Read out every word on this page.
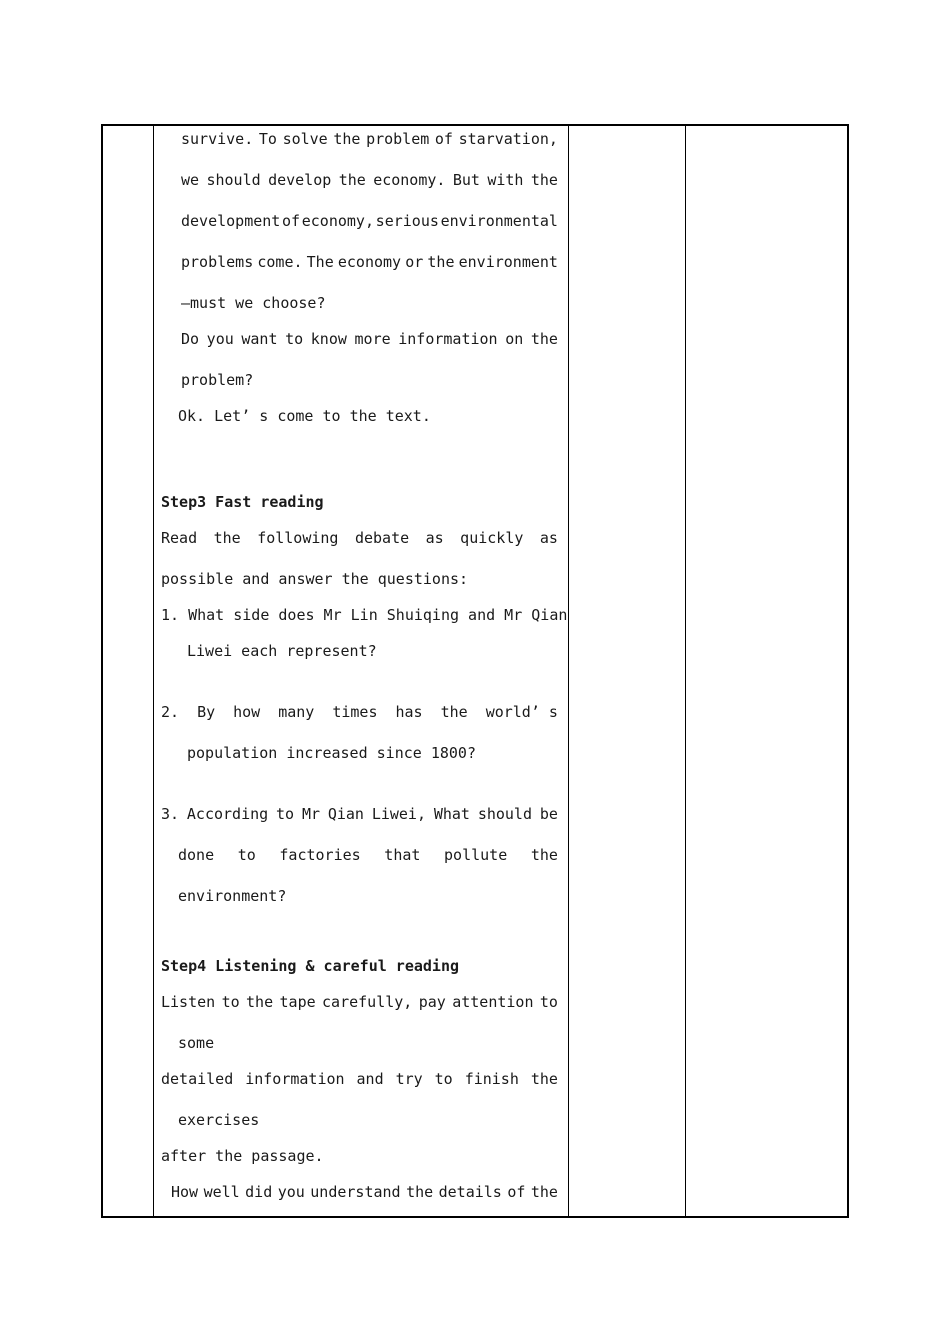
survive. To solve the problem of starvation,
we should develop the economy. But with the
development of economy, serious environmental
problems come. The economy or the environment
—must we choose?
Do you want to know more information on the
problem?
Ok. Let’ s come to the text.
Step3 Fast reading
Read the following debate as quickly as
possible and answer the questions:
1. What side does Mr Lin Shuiqing and Mr Qian
Liwei each represent?
2. By how many times has the world’ s
population increased since 1800?
3. According to Mr Qian Liwei, What should be
done to factories that pollute the
environment?
Step4 Listening & careful reading
Listen to the tape carefully, pay attention to
some
detailed information and try to finish the
exercises
after the passage.
How well did you understand the details of the
